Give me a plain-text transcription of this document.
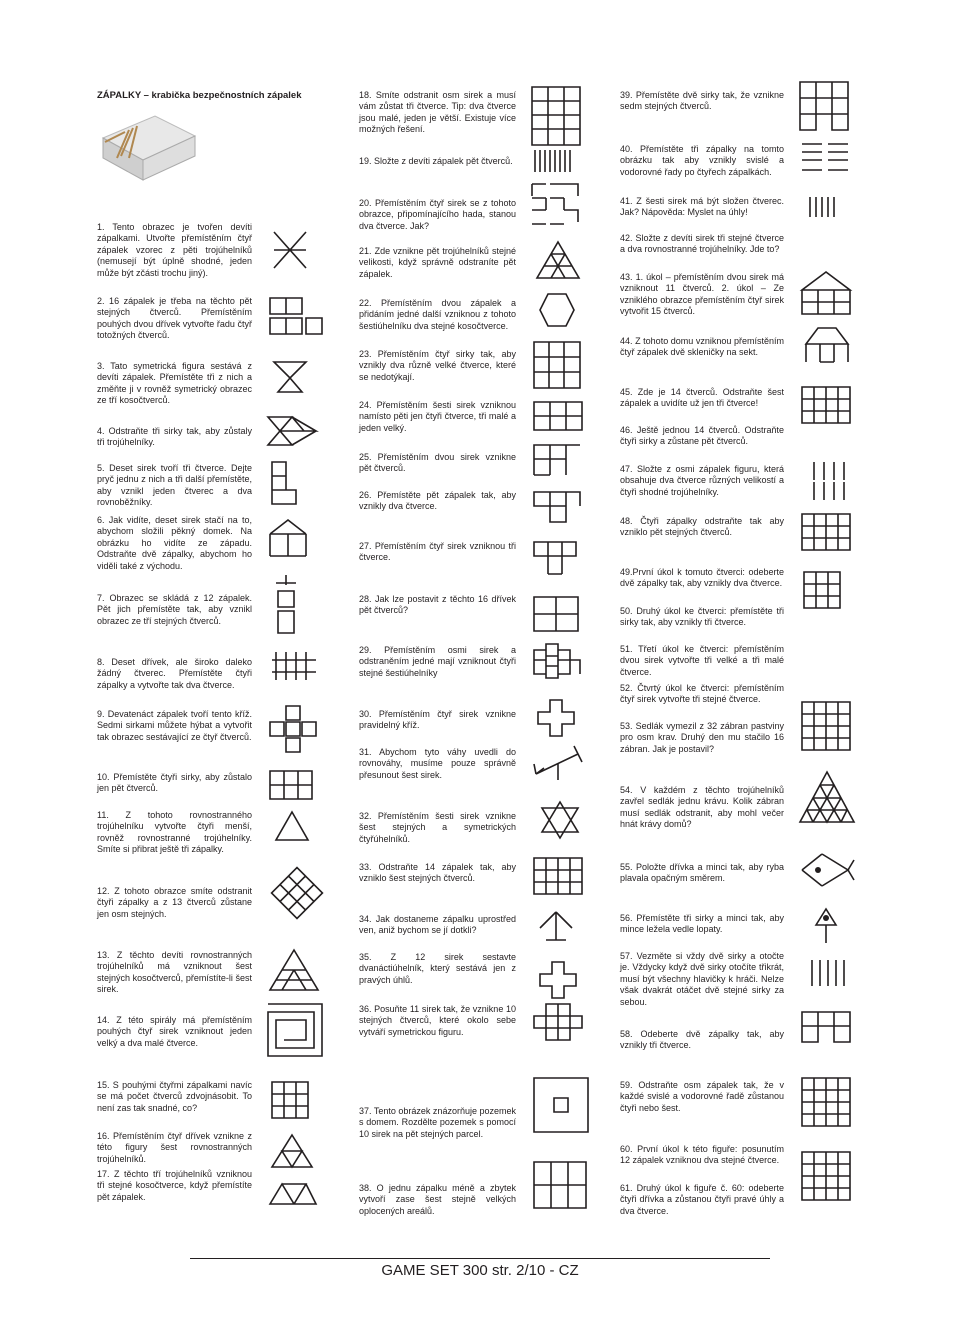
ZÁPALKY – krabička bezpečnostních zápalek
1. Tento obrazec je tvořen devíti zápalkami. Utvořte přemístěním čtyř zápalek vzorec z pěti trojúhelníků (nemusejí být úplně shodné, jeden může být zčásti trochu jiný).
2. 16 zápalek je třeba na těchto pět stejných čtverců. Přemístěním pouhých dvou dřívek vytvořte řadu čtyř totožných čtverců.
3. Tato symetrická figura sestává z devíti zápalek. Přemístěte tři z nich a změňte ji v rovněž symetrický obrazec ze tří kosočtverců.
4. Odstraňte tři sirky tak, aby zůstaly tři trojúhelníky.
5. Deset sirek tvoří tři čtverce. Dejte pryč jednu z nich a tři další přemístěte, aby vznikl jeden čtverec a dva rovnoběžníky.
6. Jak vidíte, deset sirek stačí na to, abychom složili pěkný domek. Na obrázku ho vidíte ze západu. Odstraňte dvě zápalky, abychom ho viděli také z východu.
7. Obrazec se skládá z 12 zápalek. Pět jich přemístěte tak, aby vznikl obrazec ze tří stejných čtverců.
8. Deset dřívek, ale široko daleko žádný čtverec. Přemístěte čtyři zápalky a vytvořte tak dva čtverce.
9. Devatenáct zápalek tvoří tento kříž. Sedmi sirkami můžete hýbat a vytvořit tak obrazec sestávající ze čtyř čtverců.
10. Přemístěte čtyři sirky, aby zůstalo jen pět čtverců.
11. Z tohoto rovnostranného trojúhelníku vytvořte čtyři menší, rovněž rovnostranné trojúhelníky. Smíte si přibrat ještě tři zápalky.
12. Z tohoto obrazce smíte odstranit čtyři zápalky a z 13 čtverců zůstane jen osm stejných.
13. Z těchto devíti rovnostranných trojúhelníků má vzniknout šest stejných kosočtverců, přemístíte-li šest sirek.
14. Z této spirály má přemístěním pouhých čtyř sirek vzniknout jeden velký a dva malé čtverce.
15. S pouhými čtyřmi zápalkami navíc se má počet čtverců zdvojnásobit. To není zas tak snadné, co?
16. Přemístěním čtyř dřívek vznikne z této figury šest rovnostranných trojúhelníků.
17. Z těchto tří trojúhelníků vzniknou tři stejné kosočtverce, když přemístíte pět zápalek.
18. Smíte odstranit osm sirek a musí vám zůstat tři čtverce. Tip: dva čtverce jsou malé, jeden je větší. Existuje více možných řešení.
19. Složte z devíti zápalek pět čtverců.
20. Přemístěním čtyř sirek se z tohoto obrazce, připomínajícího hada, stanou dva čtverce. Jak?
21. Zde vznikne pět trojúhelníků stejné velikosti, když správně odstraníte pět zápalek.
22. Přemístěním dvou zápalek a přidáním jedné další vzniknou z tohoto šestiúhelníku dva stejné kosočtverce.
23. Přemístěním čtyř sirky tak, aby vznikly dva různě velké čtverce, které se nedotýkají.
24. Přemístěním šesti sirek vzniknou namísto pěti jen čtyři čtverce, tři malé a jeden velký.
25. Přemístěním dvou sirek vznikne pět čtverců.
26. Přemístěte pět zápalek tak, aby vznikly dva čtverce.
27. Přemístěním čtyř sirek vzniknou tři čtverce.
28. Jak lze postavit z těchto 16 dřívek pět čtverců?
29. Přemístěním osmi sirek a odstraněním jedné mají vzniknout čtyři stejné šestiúhelníky
30. Přemístěním čtyř sirek vznikne pravidelný kříž.
31. Abychom tyto váhy uvedli do rovnováhy, musíme pouze správně přesunout šest sirek.
32. Přemístěním šesti sirek vznikne šest stejných a symetrických čtyřúhelníků.
33. Odstraňte 14 zápalek tak, aby vzniklo šest stejných čtverců.
34. Jak dostaneme zápalku uprostřed ven, aniž bychom se jí dotkli?
35. Z 12 sirek sestavte dvanáctiúhelník, který sestává jen z pravých úhlů.
36. Posuňte 11 sirek tak, že vznikne 10 stejných čtverců, které okolo sebe vytváří symetrickou figuru.
37. Tento obrázek znázorňuje pozemek s domem. Rozdělte pozemek s pomocí 10 sirek na pět stejných parcel.
38. O jednu zápalku méně a zbytek vytvoří zase šest stejně velkých oplocených areálů.
39. Přemístěte dvě sirky tak, že vznikne sedm stejných čtverců.
40. Přemístěte tři zápalky na tomto obrázku tak aby vznikly svislé a vodorovné řady po čtyřech zápalkách.
41. Z šesti sirek má být složen čtverec. Jak? Nápověda: Myslet na úhly!
42. Složte z devíti sirek tři stejné čtverce a dva rovnostranné trojúhelníky. Jde to?
43. 1. úkol – přemístěním dvou sirek má vzniknout 11 čtverců. 2. úkol – Ze vzniklého obrazce přemístěním čtyř sirek vytvořit 15 čtverců.
44. Z tohoto domu vzniknou přemístěním čtyř zápalek dvě skleničky na sekt.
45. Zde je 14 čtverců. Odstraňte šest zápalek a uvidíte už jen tři čtverce!
46. Ještě jednou 14 čtverců. Odstraňte čtyři sirky a zůstane pět čtverců.
47. Složte z osmi zápalek figuru, která obsahuje dva čtverce různých velikostí a čtyři shodné trojúhelníky.
48. Čtyři zápalky odstraňte tak aby vzniklo pět stejných čtverců.
49.První úkol k tomuto čtverci: odeberte dvě zápalky tak, aby vznikly dva čtverce.
50. Druhý úkol ke čtverci: přemístěte tři sirky tak, aby vznikly tři čtverce.
51. Třetí úkol ke čtverci: přemístěním dvou sirek vytvořte tři velké a tři malé čtverce.
52. Čtvrtý úkol ke čtverci: přemístěním čtyř sirek vytvořte tři stejné čtverce.
53. Sedlák vymezil z 32 zábran pastviny pro osm krav. Druhý den mu stačilo 16 zábran. Jak je postavil?
54. V každém z těchto trojúhelníků zavřel sedlák jednu krávu. Kolik zábran musí sedlák odstranit, aby mohl večer hnát krávy domů?
55. Položte dřívka a minci tak, aby ryba plavala opačným směrem.
56. Přemístěte tři sirky a minci tak, aby mince ležela vedle lopaty.
57. Vezměte si vždy dvě sirky a otočte je. Vždycky když dvě sirky otočíte třikrát, musí být všechny hlavičky k hráči. Nelze však dvakrát otáčet dvě stejné sirky za sebou.
58. Odeberte dvě zápalky tak, aby vznikly tři čtverce.
59. Odstraňte osm zápalek tak, že v každé svislé a vodorovné řadě zůstanou čtyři nebo šest.
60. První úkol k této figuře: posunutím 12 zápalek vzniknou dva stejné čtverce.
61. Druhý úkol k figuře č. 60: odeberte čtyři dřívka a zůstanou čtyři pravé úhly a dva čtverce.
GAME SET 300 str. 2/10 - CZ
